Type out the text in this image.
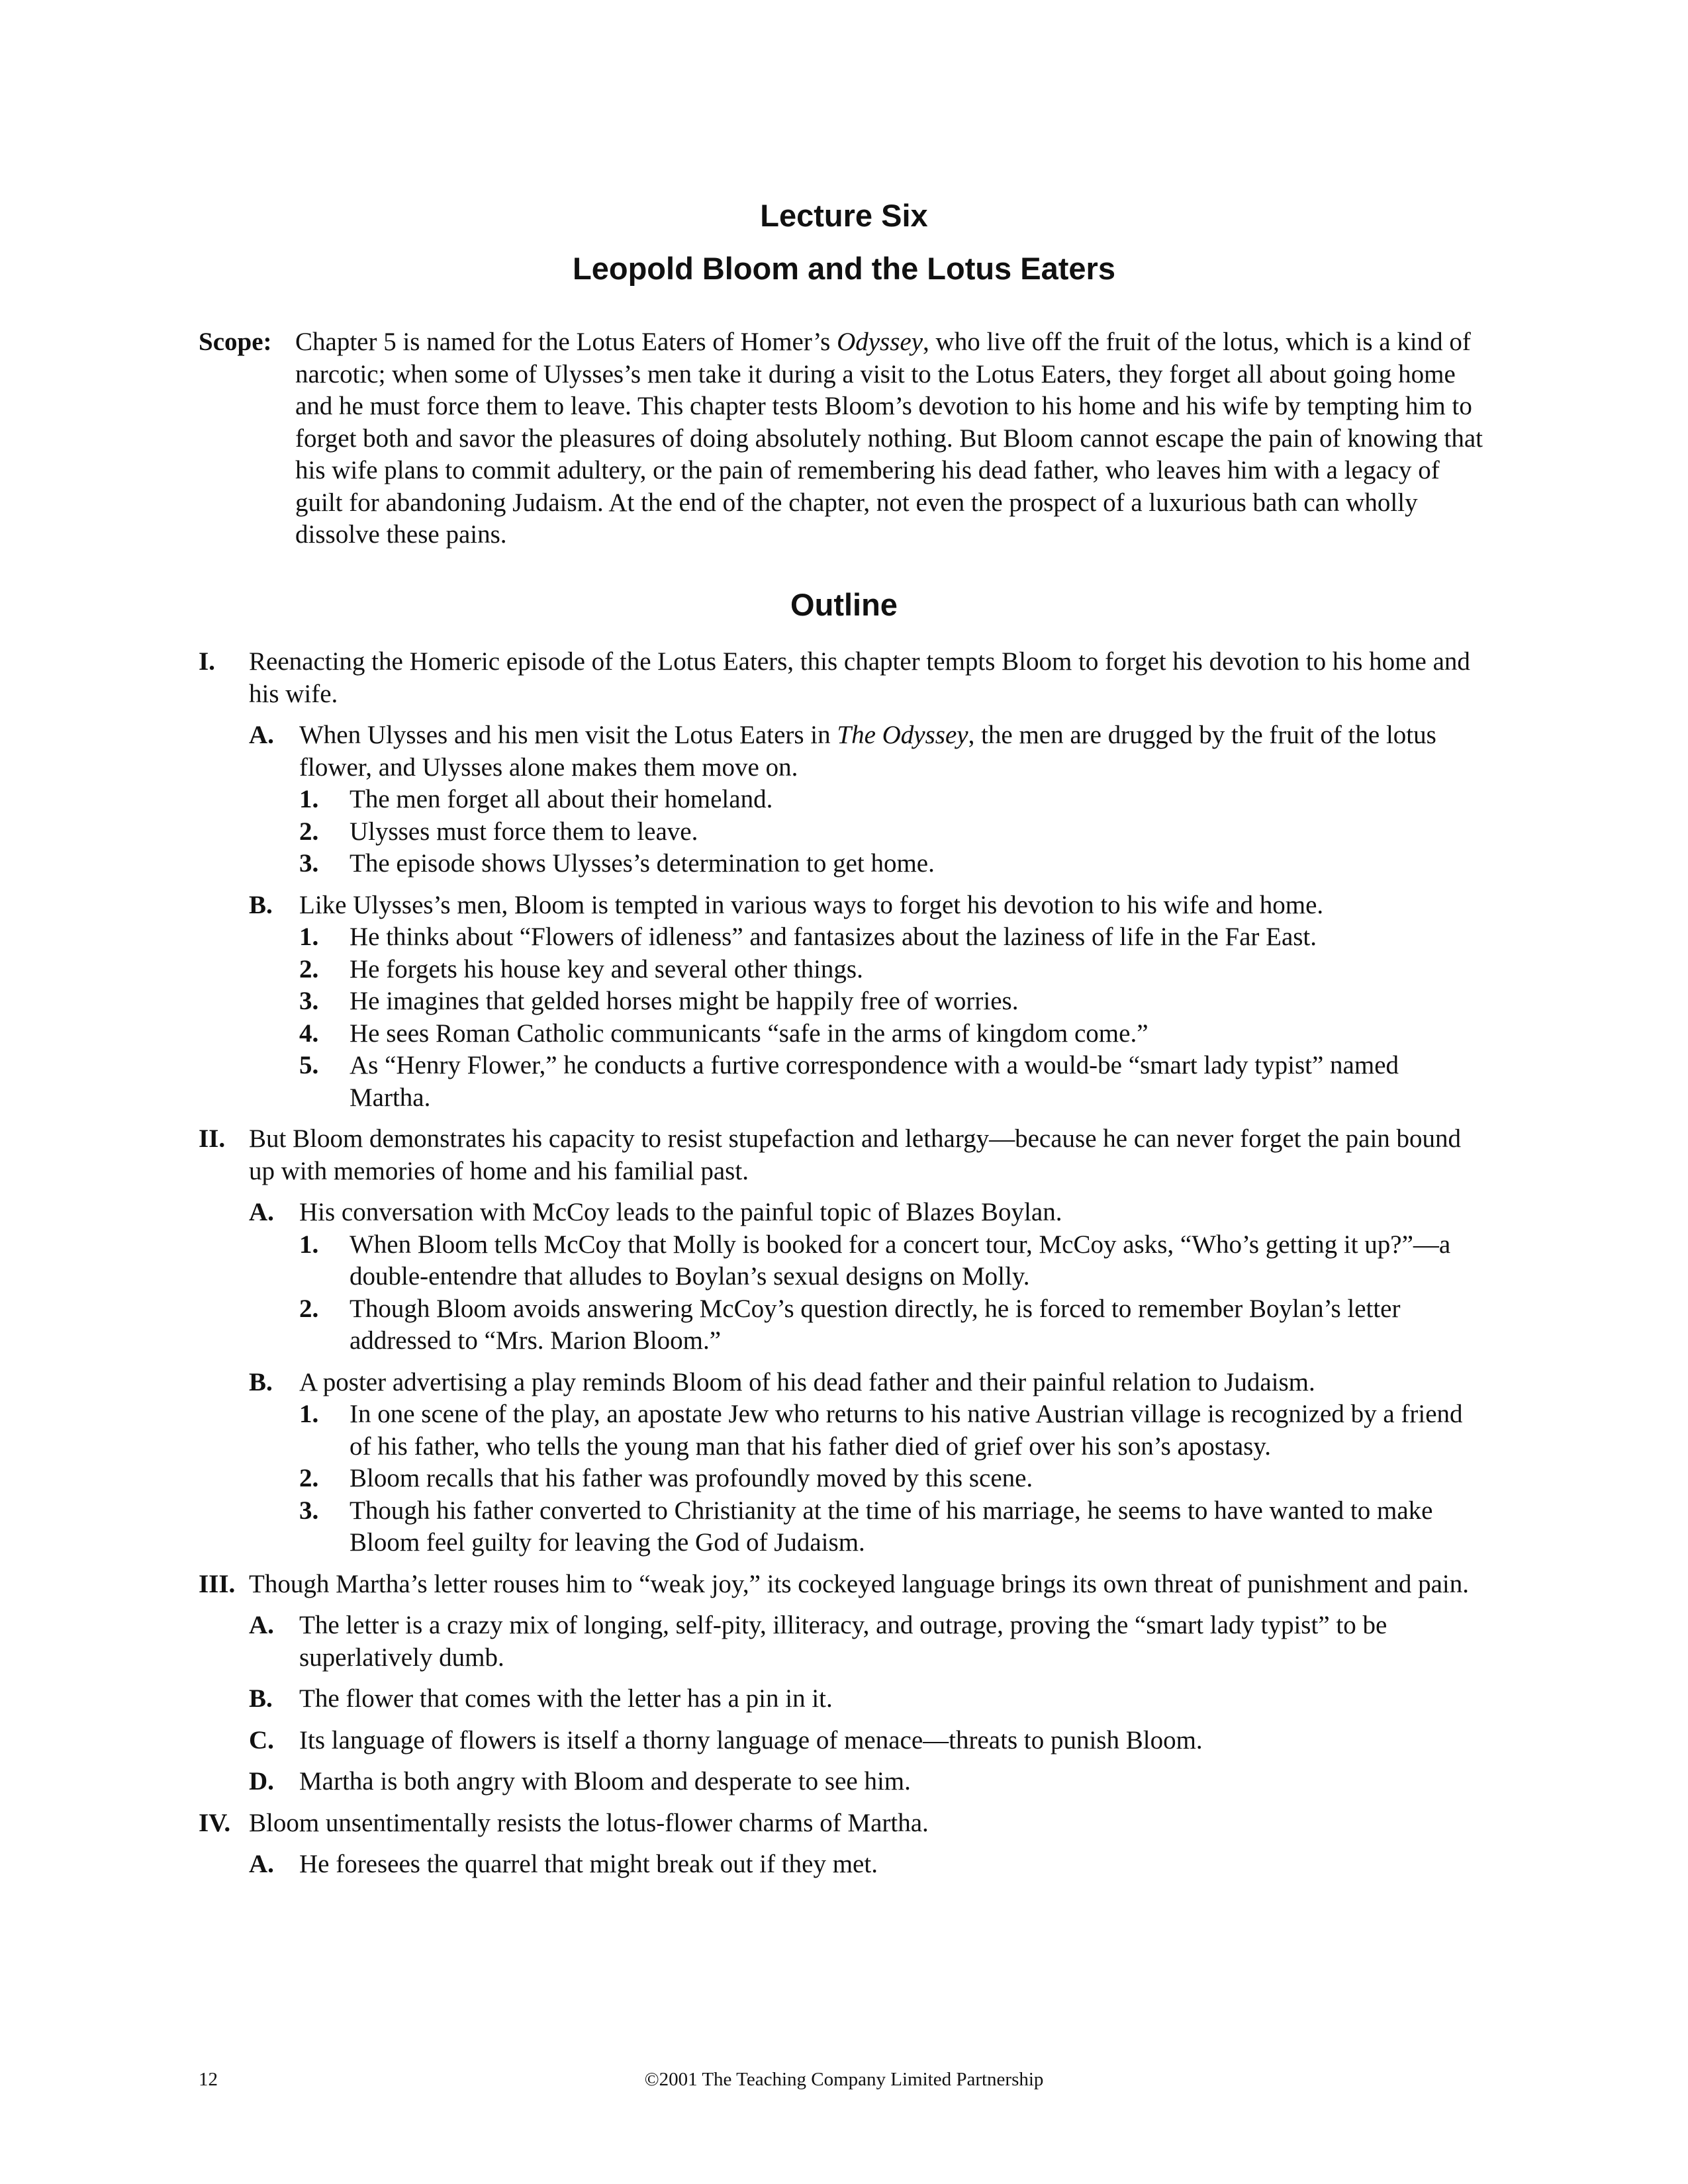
Lecture Six
Leopold Bloom and the Lotus Eaters
Scope: Chapter 5 is named for the Lotus Eaters of Homer’s Odyssey, who live off the fruit of the lotus, which is a kind of narcotic; when some of Ulysses’s men take it during a visit to the Lotus Eaters, they forget all about going home and he must force them to leave. This chapter tests Bloom’s devotion to his home and his wife by tempting him to forget both and savor the pleasures of doing absolutely nothing. But Bloom cannot escape the pain of knowing that his wife plans to commit adultery, or the pain of remembering his dead father, who leaves him with a legacy of guilt for abandoning Judaism. At the end of the chapter, not even the prospect of a luxurious bath can wholly dissolve these pains.

Outline
I. Reenacting the Homeric episode of the Lotus Eaters, this chapter tempts Bloom to forget his devotion to his home and his wife.
A. When Ulysses and his men visit the Lotus Eaters in The Odyssey, the men are drugged by the fruit of the lotus flower, and Ulysses alone makes them move on.
1. The men forget all about their homeland.
2. Ulysses must force them to leave.
3. The episode shows Ulysses’s determination to get home.
B. Like Ulysses’s men, Bloom is tempted in various ways to forget his devotion to his wife and home.
1. He thinks about “Flowers of idleness” and fantasizes about the laziness of life in the Far East.
2. He forgets his house key and several other things.
3. He imagines that gelded horses might be happily free of worries.
4. He sees Roman Catholic communicants “safe in the arms of kingdom come.”
5. As “Henry Flower,” he conducts a furtive correspondence with a would-be “smart lady typist” named Martha.
II. But Bloom demonstrates his capacity to resist stupefaction and lethargy—because he can never forget the pain bound up with memories of home and his familial past.
A. His conversation with McCoy leads to the painful topic of Blazes Boylan.
1. When Bloom tells McCoy that Molly is booked for a concert tour, McCoy asks, “Who’s getting it up?”—a double-entendre that alludes to Boylan’s sexual designs on Molly.
2. Though Bloom avoids answering McCoy’s question directly, he is forced to remember Boylan’s letter addressed to “Mrs. Marion Bloom.”
B. A poster advertising a play reminds Bloom of his dead father and their painful relation to Judaism.
1. In one scene of the play, an apostate Jew who returns to his native Austrian village is recognized by a friend of his father, who tells the young man that his father died of grief over his son’s apostasy.
2. Bloom recalls that his father was profoundly moved by this scene.
3. Though his father converted to Christianity at the time of his marriage, he seems to have wanted to make Bloom feel guilty for leaving the God of Judaism.
III. Though Martha’s letter rouses him to “weak joy,” its cockeyed language brings its own threat of punishment and pain.
A. The letter is a crazy mix of longing, self-pity, illiteracy, and outrage, proving the “smart lady typist” to be superlatively dumb.
B. The flower that comes with the letter has a pin in it.
C. Its language of flowers is itself a thorny language of menace—threats to punish Bloom.
D. Martha is both angry with Bloom and desperate to see him.
IV. Bloom unsentimentally resists the lotus-flower charms of Martha.
A. He foresees the quarrel that might break out if they met.
12	©2001 The Teaching Company Limited Partnership
